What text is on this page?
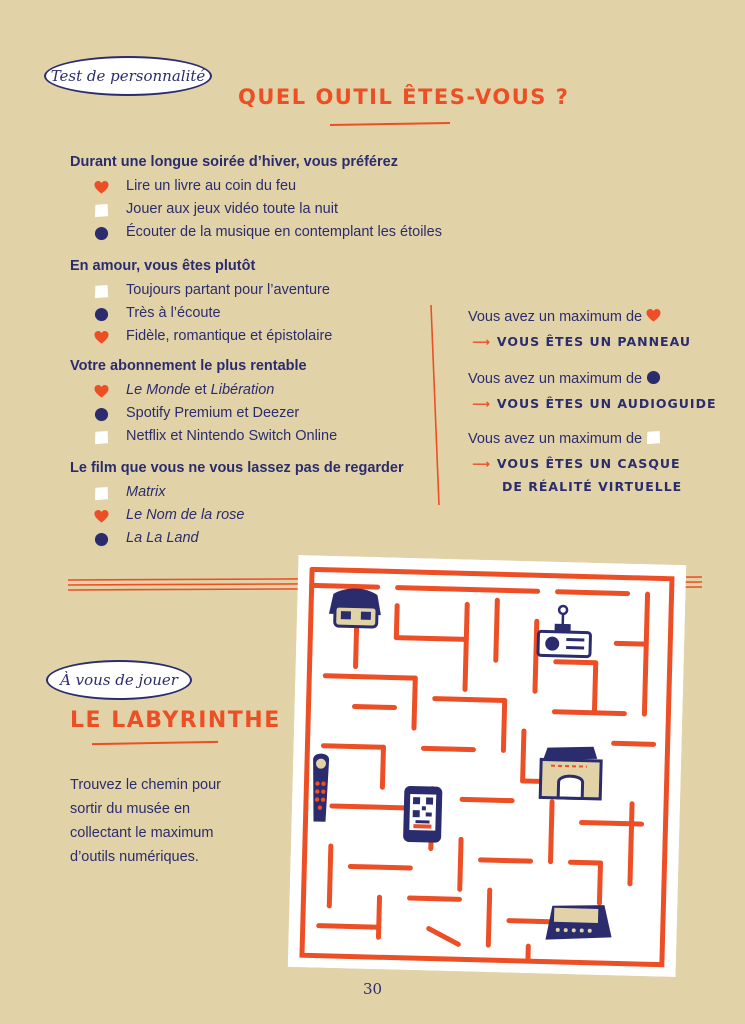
Test de personnalité
QUEL OUTIL ÊTES-VOUS ?
Durant une longue soirée d’hiver, vous préférez
Lire un livre au coin du feu
Jouer aux jeux vidéo toute la nuit
Écouter de la musique en contemplant les étoiles
En amour, vous êtes plutôt
Toujours partant pour l’aventure
Très à l’écoute
Fidèle, romantique et épistolaire
Votre abonnement le plus rentable
Le Monde et Libération
Spotify Premium et Deezer
Netflix et Nintendo Switch Online
Le film que vous ne vous lassez pas de regarder
Matrix
Le Nom de la rose
La La Land
Vous avez un maximum de
⟶ VOUS ÊTES UN PANNEAU
Vous avez un maximum de
⟶ VOUS ÊTES UN AUDIOGUIDE
Vous avez un maximum de
⟶ VOUS ÊTES UN CASQUE
DE RÉALITÉ VIRTUELLE
À vous de jouer
LE LABYRINTHE
Trouvez le chemin pour sortir du musée en collectant le maximum d’outils numériques.
30
